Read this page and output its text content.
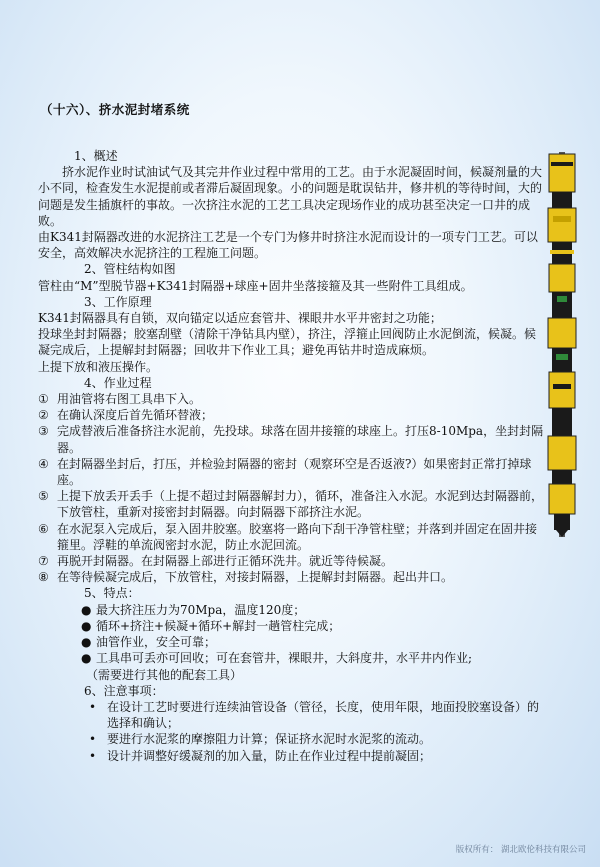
（十六）、挤水泥封堵系统

1、概述

挤水泥作业时试油试气及其完井作业过程中常用的工艺。由于水泥凝固时间，候凝剂量的大小不同，检查发生水泥提前或者滞后凝固现象。小的问题是耽误钻井，修井机的等待时间，大的问题是发生插旗杆的事故。一次挤注水泥的工艺工具决定现场作业的成功甚至决定一口井的成败。

由K341封隔器改进的水泥挤注工艺是一个专门为修井时挤注水泥而设计的一项专门工艺。可以安全，高效解决水泥挤注的工程施工问题。

2、管柱结构如图

管柱由“M”型脱节器+K341封隔器+球座+固井坐落接箍及其一些附件工具组成。

3、工作原理

K341封隔器具有自锁，双向锚定以适应套管井、裸眼井水平井密封之功能；

投球坐封封隔器；胶塞刮壁（清除干净钻具内壁），挤注，浮箍止回阀防止水泥倒流，候凝。候凝完成后，上提解封封隔器；回收井下作业工具；避免再钻井时造成麻烦。

上提下放和液压操作。

4、作业过程

① 用油管将右图工具串下入。
② 在确认深度后首先循环替液；
③ 完成替液后准备挤注水泥前，先投球。球落在固井接箍的球座上。打压8-10Mpa，坐封封隔器。
④ 在封隔器坐封后，打压，并检验封隔器的密封（观察环空是否返液?）如果密封正常打掉球座。
⑤ 上提下放丢开丢手（上提不超过封隔器解封力），循环，准备注入水泥。水泥到达封隔器前，下放管柱，重新对接密封封隔器。向封隔器下部挤注水泥。
⑥ 在水泥泵入完成后，泵入固井胶塞。胶塞将一路向下刮干净管柱壁；并落到并固定在固井接箍里。浮鞋的单流阀密封水泥，防止水泥回流。
⑦ 再脱开封隔器。在封隔器上部进行正循环洗井。就近等待候凝。
⑧ 在等待候凝完成后，下放管柱，对接封隔器，上提解封封隔器。起出井口。

5、特点：

● 最大挤注压力为70Mpa，温度120度；
● 循环+挤注+候凝+循环+解封一趟管柱完成；
● 油管作业，安全可靠；
● 工具串可丢亦可回收；可在套管井，裸眼井，大斜度井，水平井内作业;

（需要进行其他的配套工具）

6、注意事项：

• 在设计工艺时要进行连续油管设备（管径，长度，使用年限，地面投胶塞设备）的选择和确认；
• 要进行水泥浆的摩擦阻力计算；保证挤水泥时水泥浆的流动。
• 设计并调整好缓凝剂的加入量，防止在作业过程中提前凝固；
版权所有： 湖北欧伦科技有限公司
